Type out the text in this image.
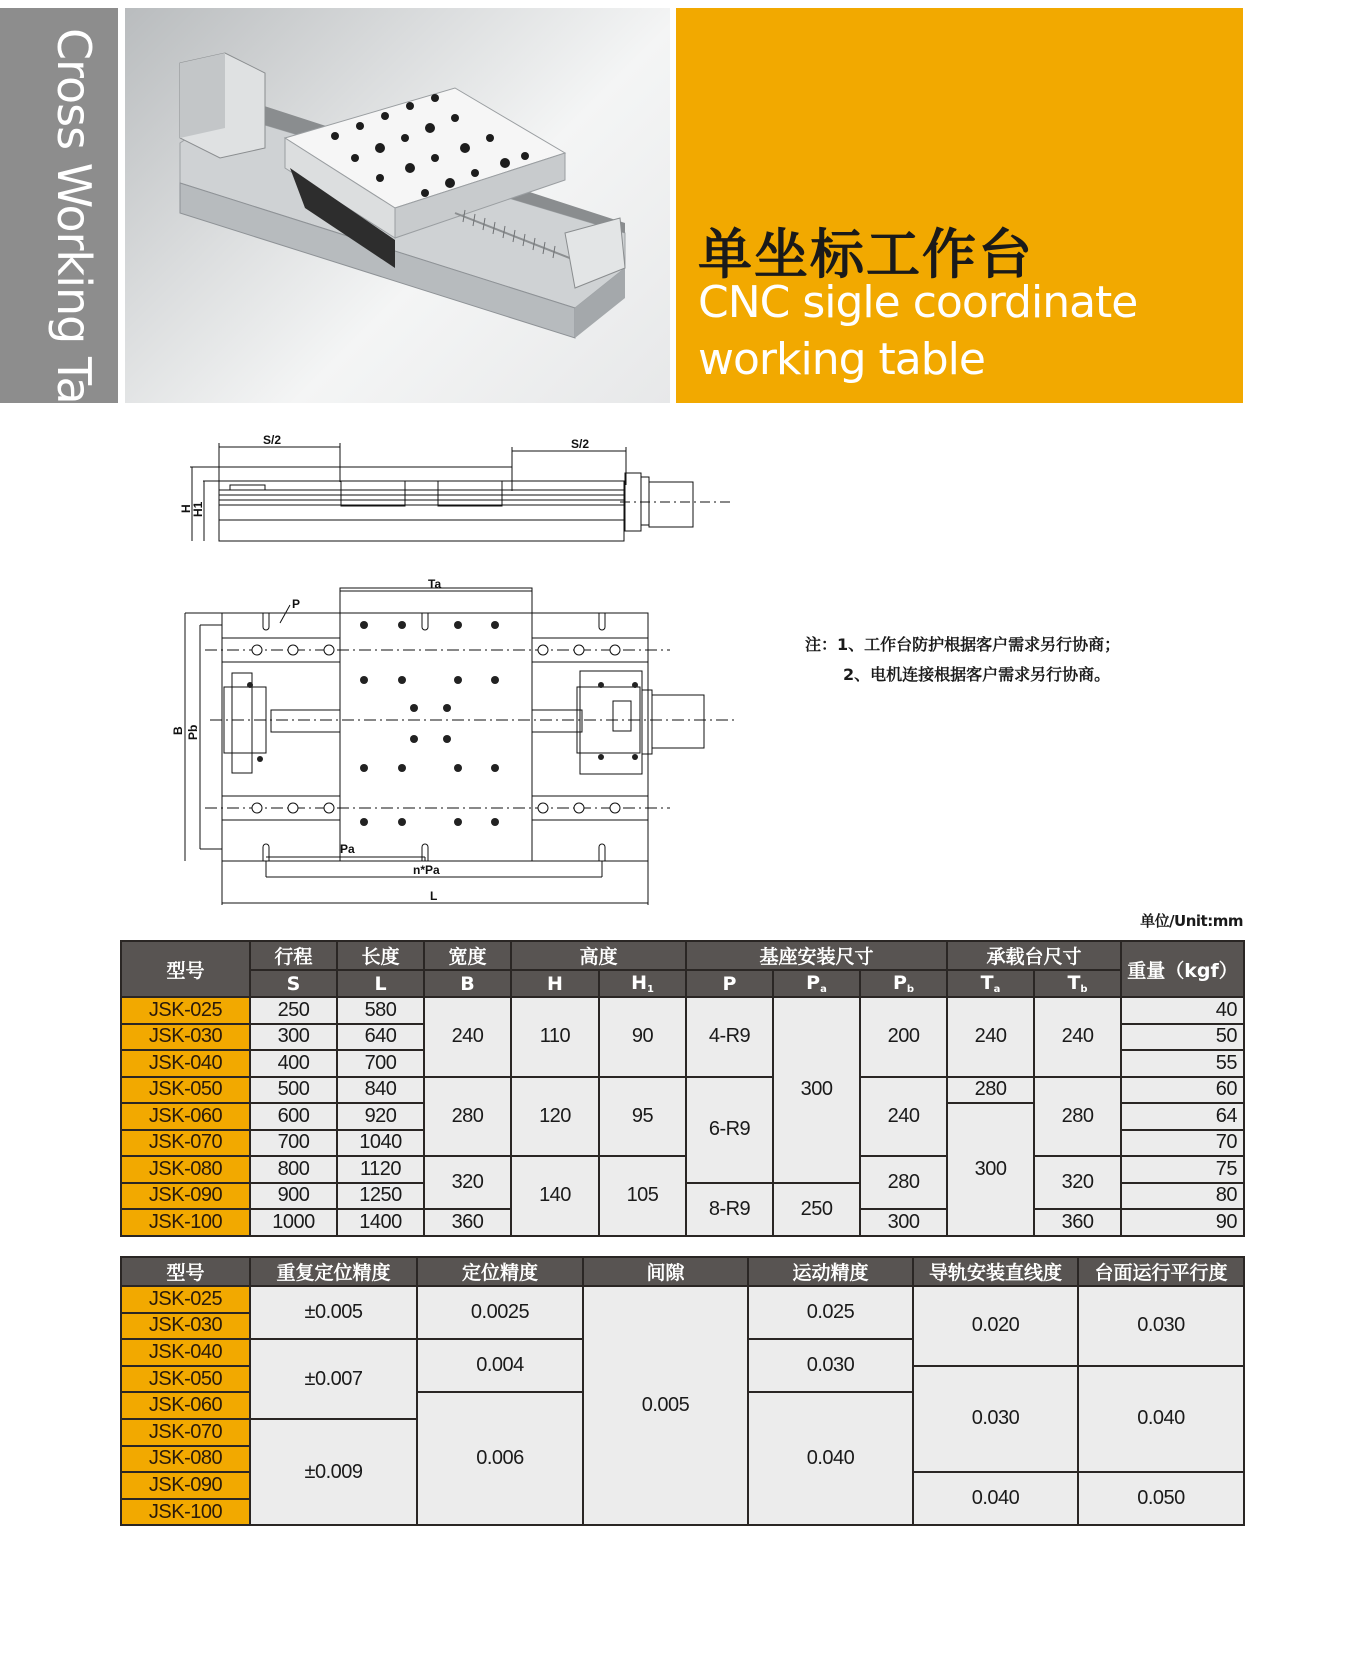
Cross Working Table	单坐标工作台
CNC sigle coordinate
working table
S/2	S/2
H
H1
Ta
P
B Pb
Pa
n*Pa
L
注：1、工作台防护根据客户需求另行协商；
2、电机连接根据客户需求另行协商。
单位/Unit:mm
型号	行程	长度	宽度	高度		基座安装尺寸			承载台尺寸		重量（kgf）
	S	L	B	H	$H_1$	P	$P_a$	$P_b$	$T_a$	$T_b$
JSK-025	250	580	240	110	90	4-R9	300	200	240	240	40
JSK-030	300	640									50
JSK-040	400	700									55
JSK-050	500	840	280	120	95	6-R9		240	280	280	60
JSK-060	600	920							300		64
JSK-070	700	1040									70
JSK-080	800	1120	320	140	105			280		320	75
JSK-090	900	1250				8-R9	250				80
JSK-100	1000	1400	360					300		360	90
型号	重复定位精度	定位精度	间隙	运动精度	导轨安装直线度	台面运行平行度
JSK-025	±0.005	0.0025	0.005	0.025	0.020	0.030
JSK-030						
JSK-040	±0.007	0.004		0.030		
JSK-050					0.030	0.040
JSK-060		0.006		0.040		
JSK-070	±0.009					
JSK-080						
JSK-090					0.040	0.050
JSK-100						
